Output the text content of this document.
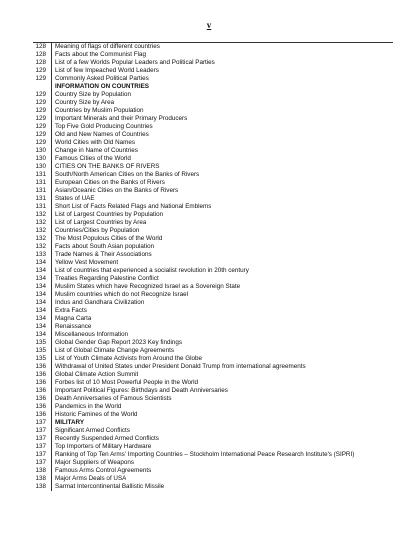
v
128	Meaning of flags of different countries
128	Facts about the Communist Flag
128	List of a few Worlds Popular Leaders and Political Parties
129	List of few Impeached World Leaders
129	Commonly Asked Political Parties
INFORMATION ON COUNTRIES
129	Country Size by Population
129	Country Size by Area
129	Countries by Muslim Population
129	Important Minerals and their Primary Producers
129	Top Five Gold Producing Countries
129	Old and New Names of Countries
129	World Cities with Old Names
130	Change in Name of Countries
130	Famous Cities of the World
130	CITIES ON THE BANKS OF RIVERS
131	South/North American Cities on the Banks of Rivers
131	European Cities on the Banks of Rivers
131	Asian/Oceanic Cities on the Banks of Rivers
131	States of UAE
131	Short List of Facts Related Flags and National Emblems
132	List of Largest Countries by Population
132	List of Largest Countries by Area
132	Countries/Cities by Population
132	The Most Populous Cities of the World
132	Facts about South Asian population
133	Trade Names & Their Associations
134	Yellow Vest Movement
134	List of countries that experienced a socialist revolution in 20th century
134	Treaties Regarding Palestine Conflict
134	Muslim States which have Recognized Israel as a Sovereign State
134	Muslim countries which do not Recognize Israel
134	Indus and Gandhara Civilization
134	Extra Facts
134	Magna Carta
134	Renaissance
134	Miscellaneous Information
135	Global Gender Gap Report 2023 Key findings
135	List of Global Climate Change Agreements
135	List of Youth Climate Activists from Around the Globe
136	Withdrawal of United States under President Donald Trump from international agreements
136	Global Climate Action Summit
136	Forbes list of 10 Most Powerful People in the World
136	Important Political Figures: Birthdays and Death Anniversaries
136	Death Anniversaries of Famous Scientists
136	Pandemics in the World
136	Historic Famines of the World
137	MILITARY
137	Significant Armed Conflicts
137	Recently Suspended Armed Conflicts
137	Top Importers of Military Hardware
137	Ranking of Top Ten Arms' Importing Countries – Stockholm International Peace Research Institute's (SIPRI)
137	Major Suppliers of Weapons
138	Famous Arms Control Agreements
138	Major Arms Deals of USA
138	Sarmat Intercontinental Ballistic Missile
